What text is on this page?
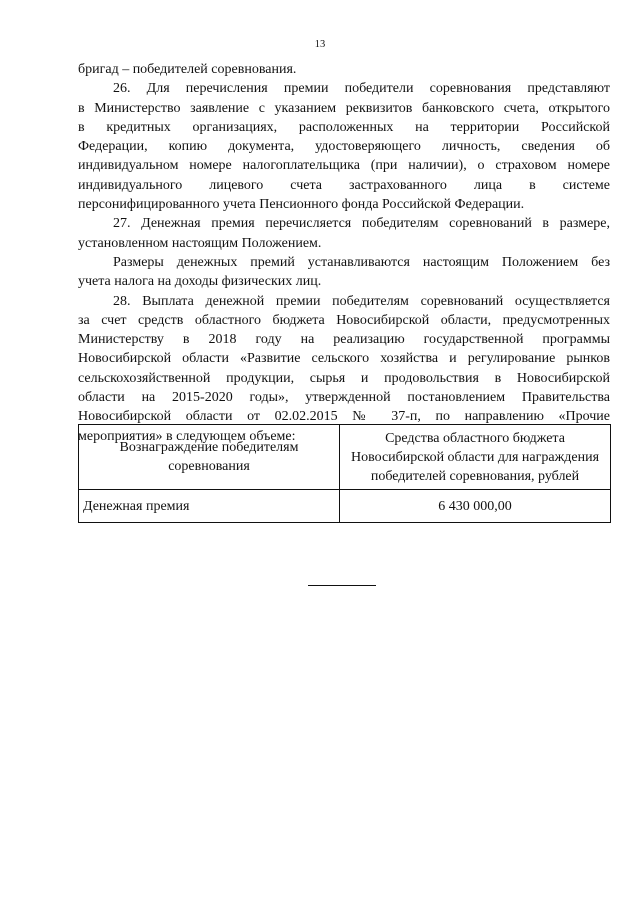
13

бригад – победителей соревнования.

26. Для перечисления премии победители соревнования представляют
в Министерство заявление с указанием реквизитов банковского счета, открытого
в кредитных организациях, расположенных на территории Российской
Федерации, копию документа, удостоверяющего личность, сведения об
индивидуальном номере налогоплательщика (при наличии), о страховом номере
индивидуального лицевого счета застрахованного лица в системе
персонифицированного учета Пенсионного фонда Российской Федерации.

27. Денежная премия перечисляется победителям соревнований в размере,
установленном настоящим Положением.

Размеры денежных премий устанавливаются настоящим Положением без
учета налога на доходы физических лиц.

28. Выплата денежной премии победителям соревнований осуществляется
за счет средств областного бюджета Новосибирской области, предусмотренных
Министерству в 2018 году на реализацию государственной программы
Новосибирской области «Развитие сельского хозяйства и регулирование рынков
сельскохозяйственной продукции, сырья и продовольствия в Новосибирской
области на 2015-2020 годы», утвержденной постановлением Правительства
Новосибирской области от 02.02.2015 № 37-п, по направлению «Прочие
мероприятия» в следующем объеме:

Вознаграждение победителям соревнования	Средства областного бюджета Новосибирской области для награждения победителей соревнования, рублей
Денежная премия	6 430 000,00
